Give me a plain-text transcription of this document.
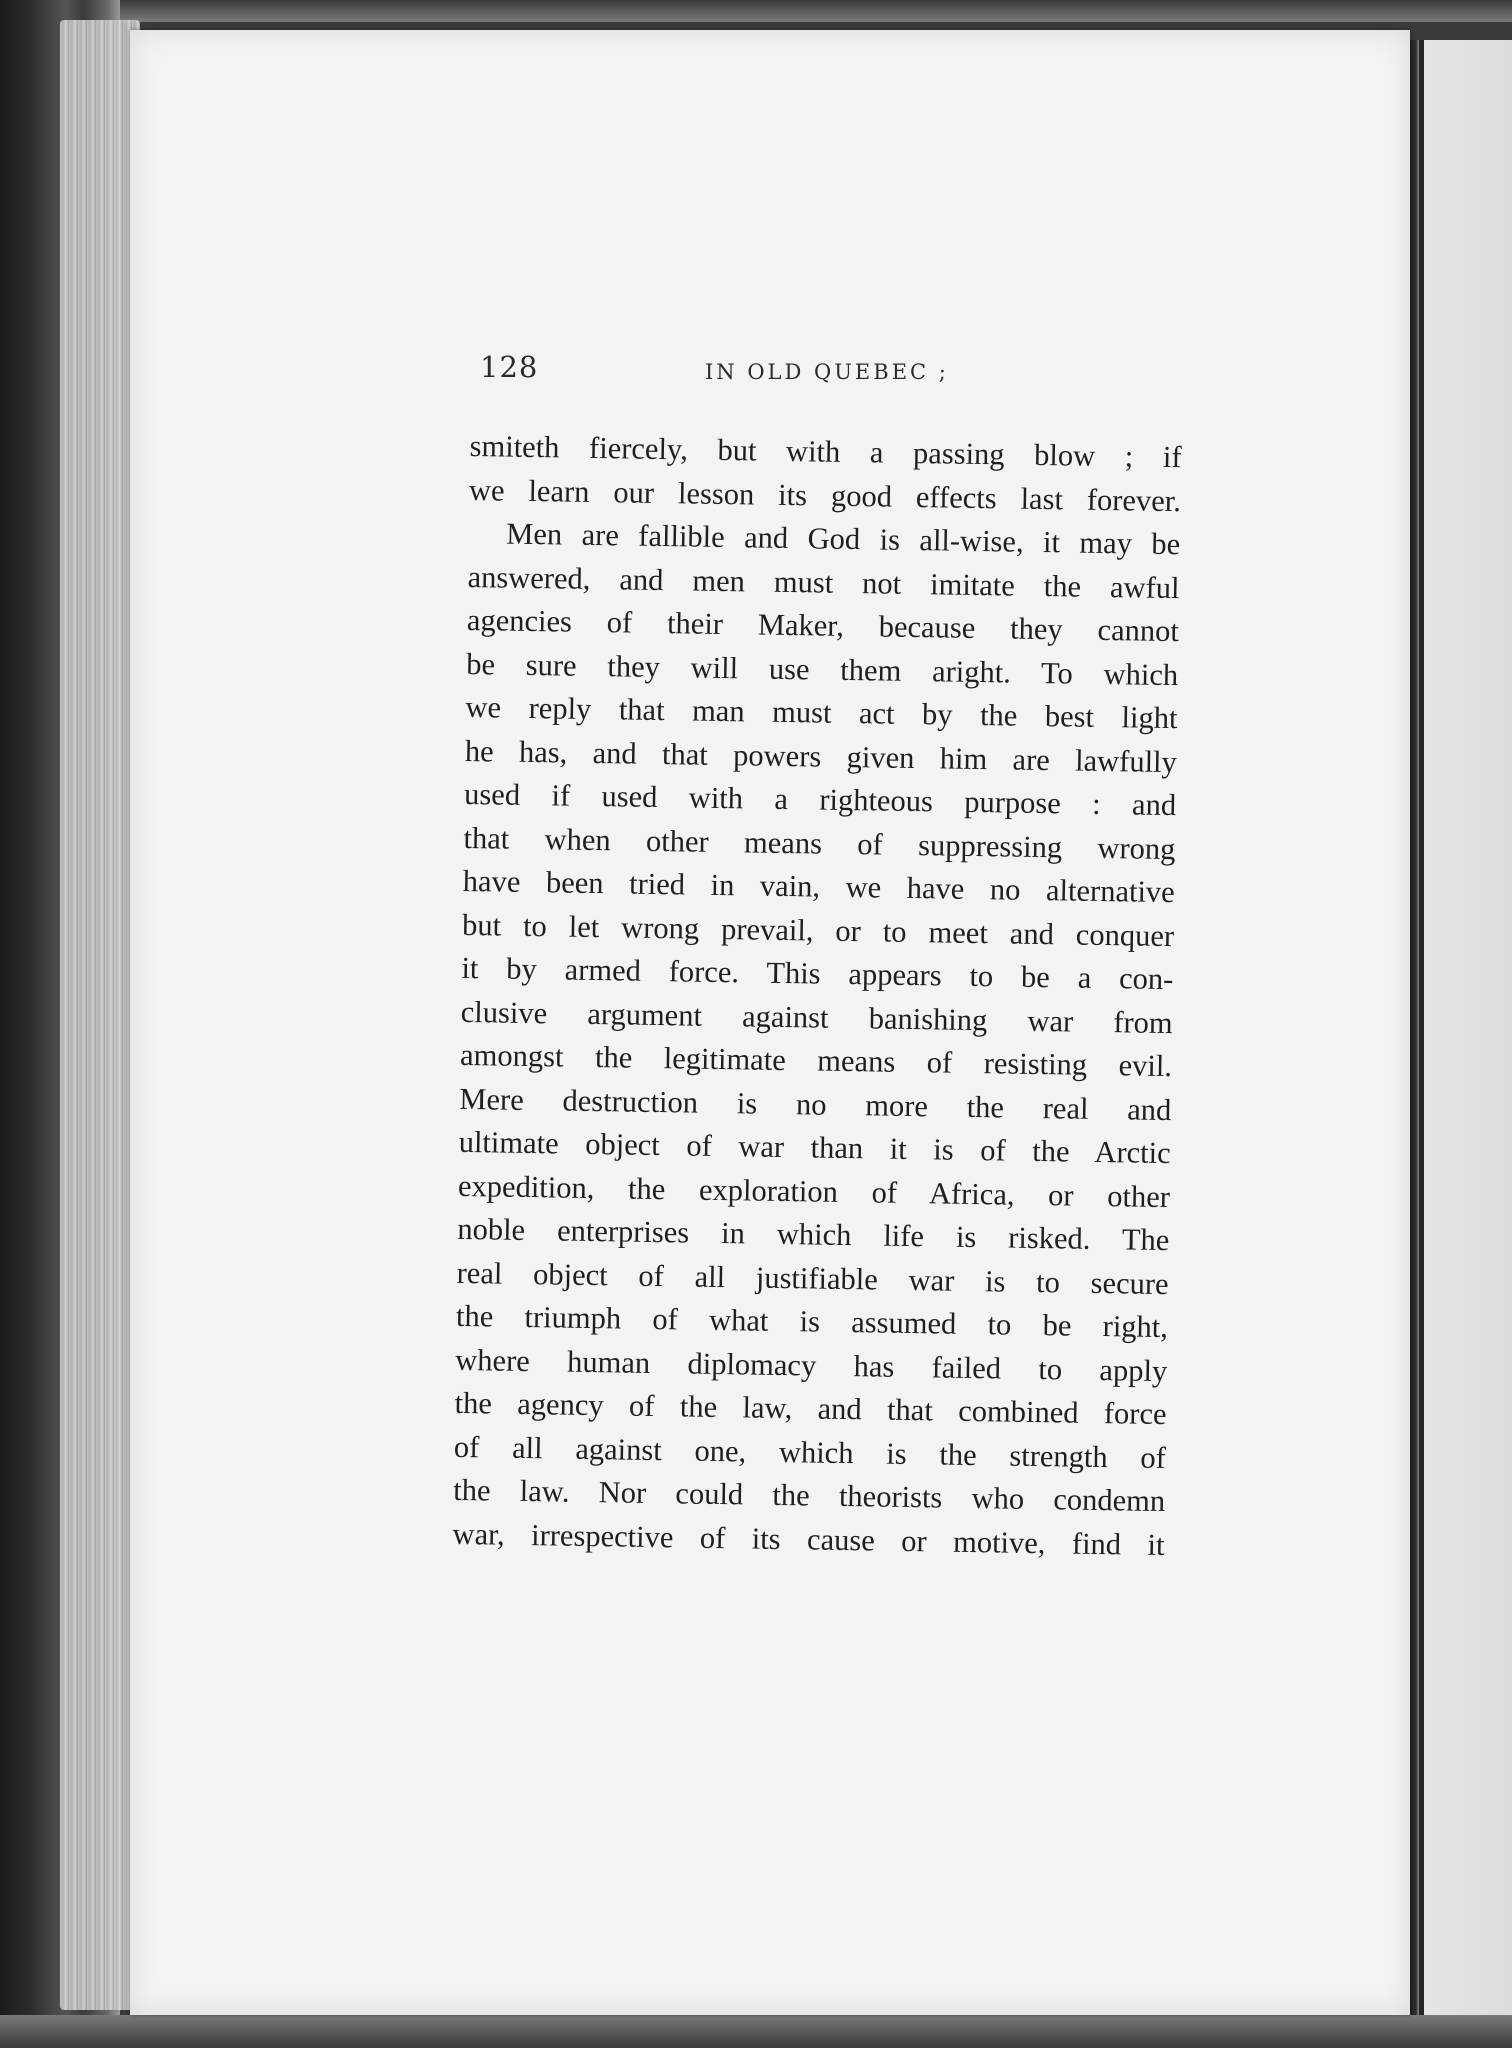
128	IN OLD QUEBEC ;
smiteth fiercely, but with a passing blow ; if
we learn our lesson its good effects last forever.
Men are fallible and God is all-wise, it may be
answered, and men must not imitate the awful
agencies of their Maker, because they cannot
be sure they will use them aright. To which
we reply that man must act by the best light
he has, and that powers given him are lawfully
used if used with a righteous purpose : and
that when other means of suppressing wrong
have been tried in vain, we have no alternative
but to let wrong prevail, or to meet and conquer
it by armed force. This appears to be a con-
clusive argument against banishing war from
amongst the legitimate means of resisting evil.
Mere destruction is no more the real and
ultimate object of war than it is of the Arctic
expedition, the exploration of Africa, or other
noble enterprises in which life is risked. The
real object of all justifiable war is to secure
the triumph of what is assumed to be right,
where human diplomacy has failed to apply
the agency of the law, and that combined force
of all against one, which is the strength of
the law. Nor could the theorists who condemn
war, irrespective of its cause or motive, find it
